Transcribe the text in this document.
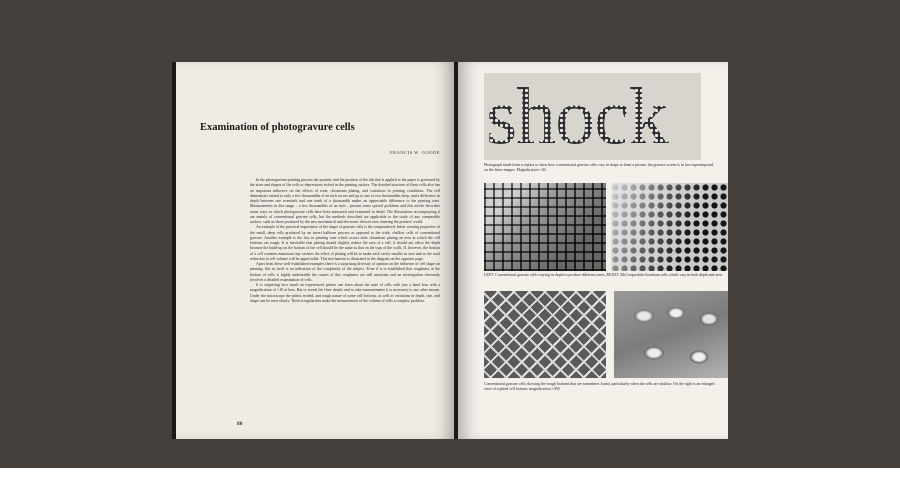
Examination of photogravure cells
FRANCIS W. GOODE

In the photogravure printing process the quantity and the position of the ink that is applied to the paper is governed by the sizes and shapes of the cells or depressions etched in the printing surface. The detailed structure of these cells also has an important influence on the effects of wear, chromium plating, and variations in printing conditions. The cell dimensions extend to only a few thousandths of an inch across and up to one or two thousandths deep, and a difference in depth between one twentieth and one tenth of a thousandth makes an appreciable difference to the printing tone. Measurements in this range – a few thousandths of an inch – present some special problems and this article describes some ways in which photogravure cells have been measured and examined in detail. The illustrations accompanying it are mainly of conventional gravure cells, but the methods described are applicable to the study of any comparable surface, such as those produced by the new mechanical and electronic devices now entering the printers' world.

An example of the practical importance of the shape of gravure cells is the comparatively better wearing properties of the small, deep cells produced by an invert halftone process as opposed to the wide, shallow cells of conventional gravure. Another example is the loss in printing tone which occurs after chromium plating an area in which the cell bottoms are rough. It is inevitable that plating should slightly reduce the area of a cell; it should not affect the depth because the build-up on the bottom of the cell should be the same as that on the tops of the walls. If, however, the bottom of a cell contains numerous tiny cavities the effect of plating will be to make each cavity smaller in area and so the total reduction in cell volume will be appreciable. This mechanism is illustrated in the diagram on the opposite page.

Apart from these well-established examples there is a surprising diversity of opinion on the influence of cell shape on printing; this in itself is an indication of the complexity of the subject. Even if it is established that roughness at the bottom of cells is highly undesirable the causes of this roughness are still uncertain and an investigation obviously involves a detailed examination of cells.

It is surprising how much an experienced printer can learn about the state of cells with just a hand lens with a magnification of ×10 at best. But to reveal the finer details and to take measurements it is necessary to use other means. Under the microscope the pitted, eroded, and rough nature of some cell bottoms, as well as variations in depth, size, and shape can be seen clearly. These irregularities make the measurement of the volume of cells a complex problem.

80
shock
Photograph made from a replica to show how conventional gravure cells vary in shape to form a picture; the gravure screen is in fact superimposed on the letter images. Magnification ×20.
LEFT: Conventional gravure cells varying in depth to produce different tones. RIGHT: McCorquodale-Goodsam cells which vary in both depth and area.
Conventional gravure cells showing the rough bottoms that are sometimes found, particularly when the cells are shallow. On the right is an enlarged view of a pitted cell bottom; magnification ×350.
